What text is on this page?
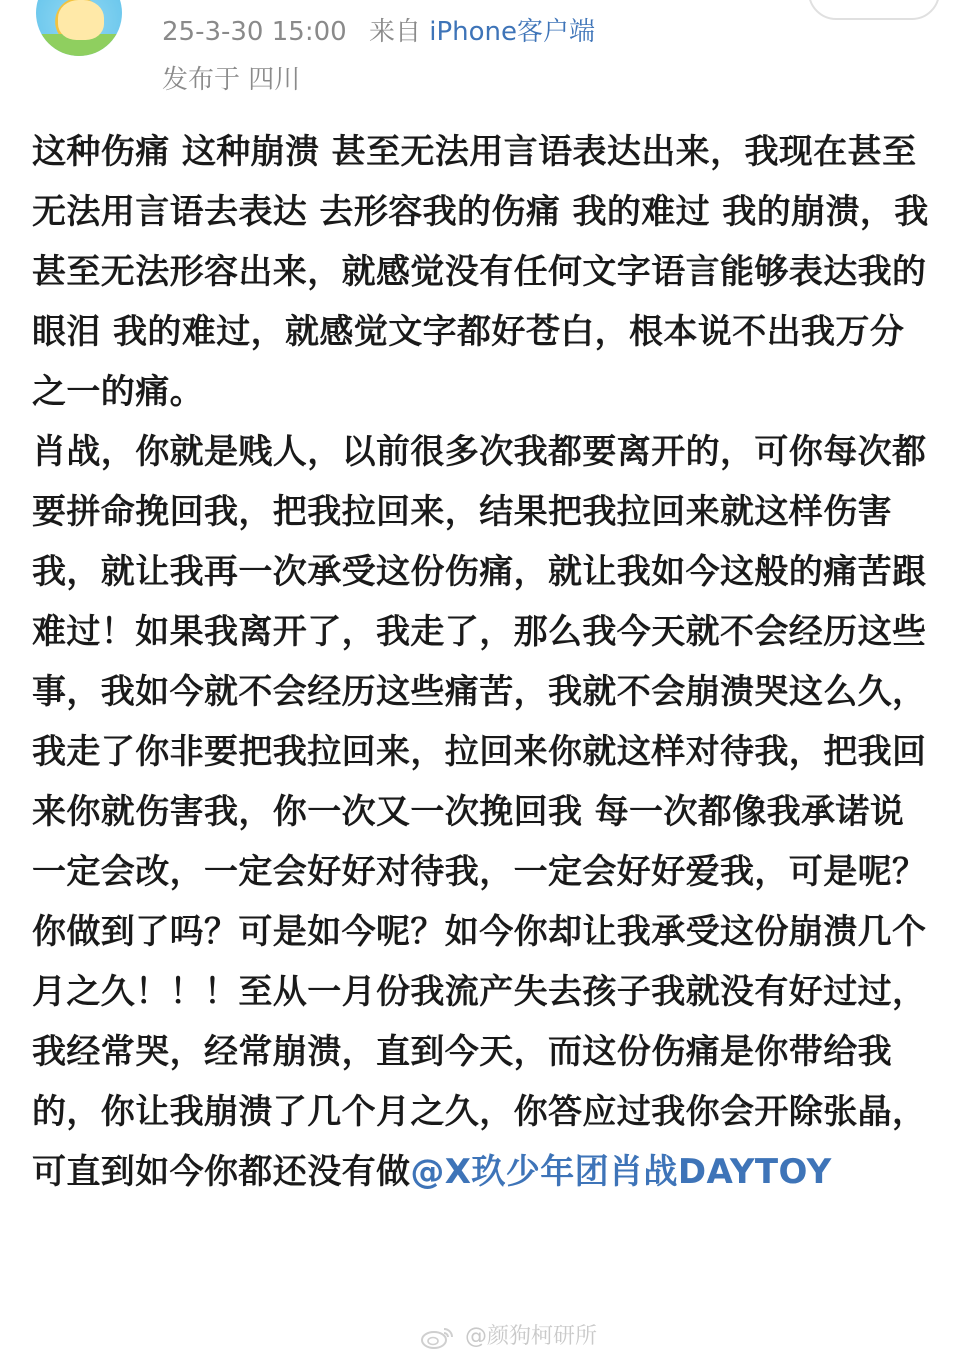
25-3-30 15:00 来自 iPhone客户端
发布于 四川

这种伤痛 这种崩溃 甚至无法用言语表达出来，我现在甚至无法用言语去表达 去形容我的伤痛 我的难过 我的崩溃，我甚至无法形容出来，就感觉没有任何文字语言能够表达我的眼泪 我的难过，就感觉文字都好苍白，根本说不出我万分之一的痛。

肖战，你就是贱人，以前很多次我都要离开的，可你每次都要拼命挽回我，把我拉回来，结果把我拉回来就这样伤害我，就让我再一次承受这份伤痛，就让我如今这般的痛苦跟难过！如果我离开了，我走了，那么我今天就不会经历这些事，我如今就不会经历这些痛苦，我就不会崩溃哭这么久，我走了你非要把我拉回来，拉回来你就这样对待我，把我回来你就伤害我，你一次又一次挽回我 每一次都像我承诺说一定会改，一定会好好对待我，一定会好好爱我，可是呢？你做到了吗？可是如今呢？如今你却让我承受这份崩溃几个月之久！！！至从一月份我流产失去孩子我就没有好过过，我经常哭，经常崩溃，直到今天，而这份伤痛是你带给我的，你让我崩溃了几个月之久，你答应过我你会开除张晶，可直到如今你都还没有做@X玖少年团肖战DAYTOY

@颜狗柯研所
